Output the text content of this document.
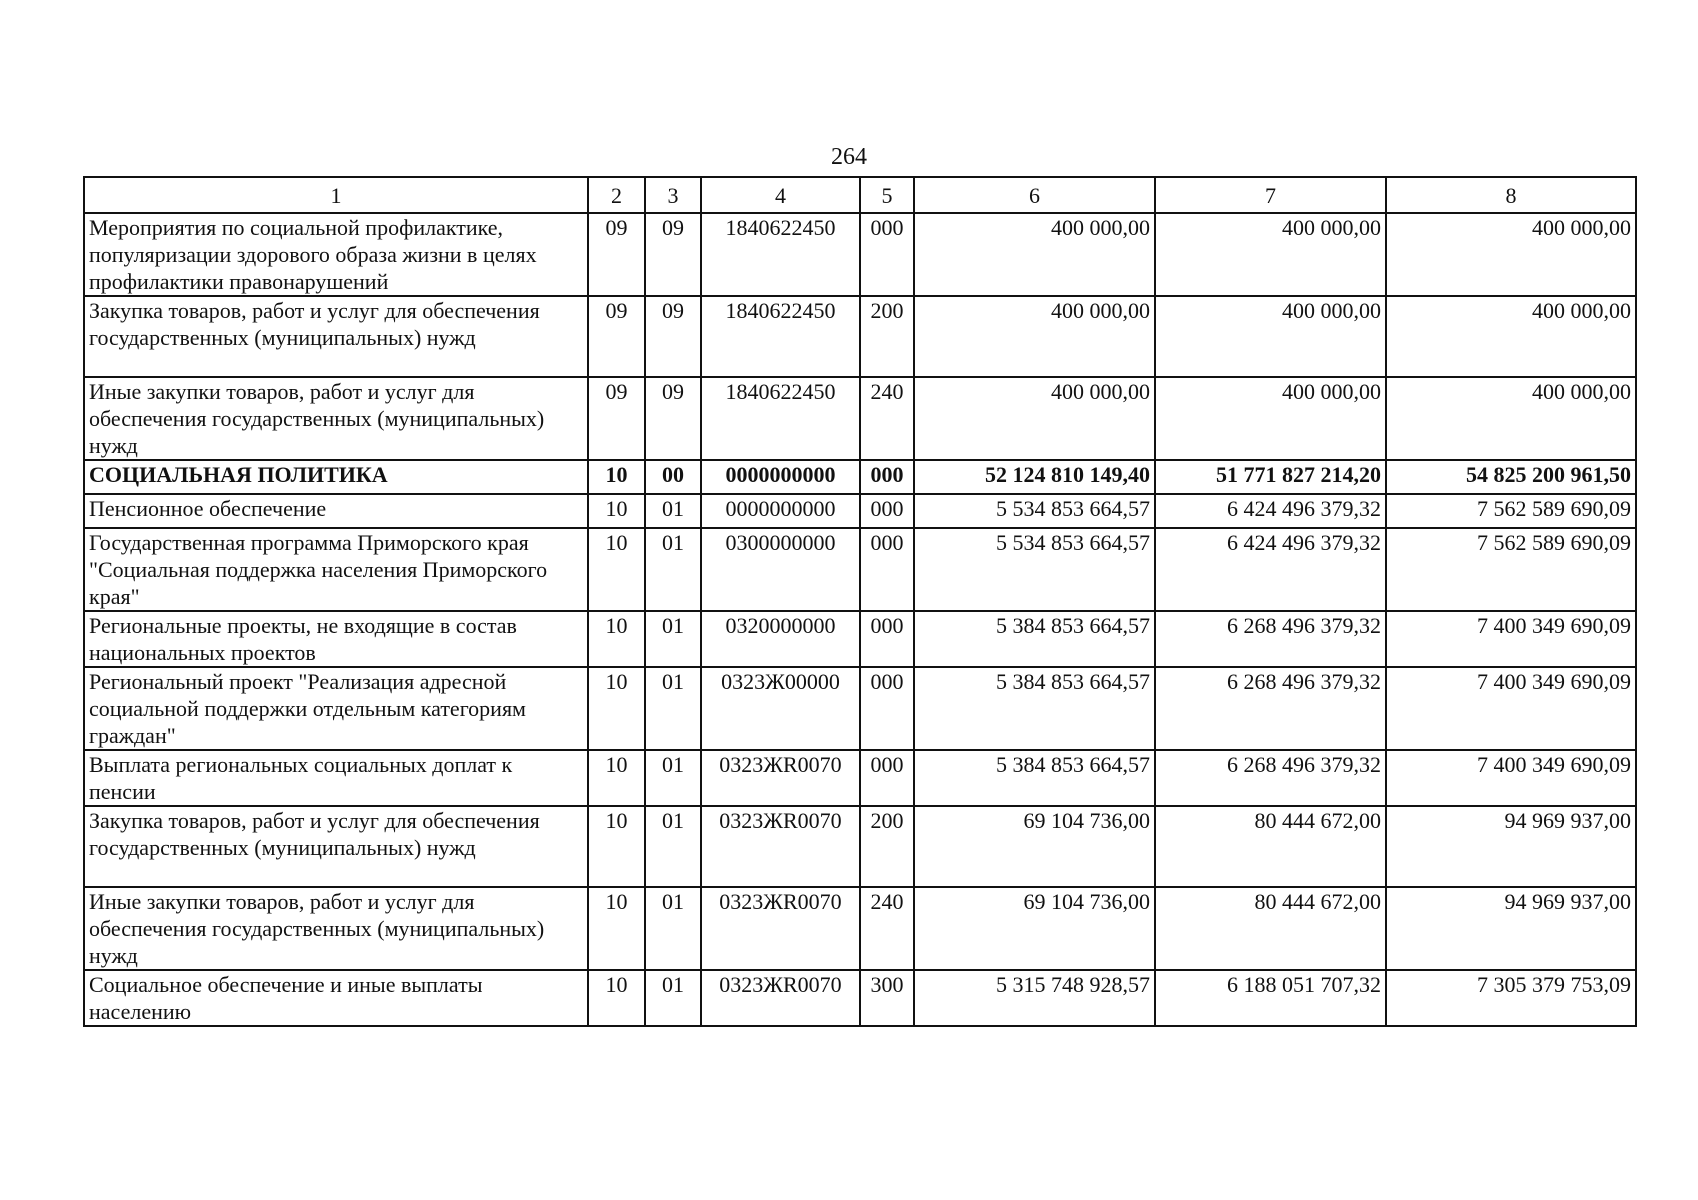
264
1	2	3	4	5	6	7	8
Мероприятия по социальной профилактике, популяризации здорового образа жизни в целях профилактики правонарушений	09	09	1840622450	000	400 000,00	400 000,00	400 000,00
Закупка товаров, работ и услуг для обеспечения государственных (муниципальных) нужд	09	09	1840622450	200	400 000,00	400 000,00	400 000,00
Иные закупки товаров, работ и услуг для обеспечения государственных (муниципальных) нужд	09	09	1840622450	240	400 000,00	400 000,00	400 000,00
СОЦИАЛЬНАЯ ПОЛИТИКА	10	00	0000000000	000	52 124 810 149,40	51 771 827 214,20	54 825 200 961,50
Пенсионное обеспечение	10	01	0000000000	000	5 534 853 664,57	6 424 496 379,32	7 562 589 690,09
Государственная программа Приморского края "Социальная поддержка населения Приморского края"	10	01	0300000000	000	5 534 853 664,57	6 424 496 379,32	7 562 589 690,09
Региональные проекты, не входящие в состав национальных проектов	10	01	0320000000	000	5 384 853 664,57	6 268 496 379,32	7 400 349 690,09
Региональный проект "Реализация адресной социальной поддержки отдельным категориям граждан"	10	01	0323Ж00000	000	5 384 853 664,57	6 268 496 379,32	7 400 349 690,09
Выплата региональных социальных доплат к пенсии	10	01	0323ЖR0070	000	5 384 853 664,57	6 268 496 379,32	7 400 349 690,09
Закупка товаров, работ и услуг для обеспечения государственных (муниципальных) нужд	10	01	0323ЖR0070	200	69 104 736,00	80 444 672,00	94 969 937,00
Иные закупки товаров, работ и услуг для обеспечения государственных (муниципальных) нужд	10	01	0323ЖR0070	240	69 104 736,00	80 444 672,00	94 969 937,00
Социальное обеспечение и иные выплаты населению	10	01	0323ЖR0070	300	5 315 748 928,57	6 188 051 707,32	7 305 379 753,09
